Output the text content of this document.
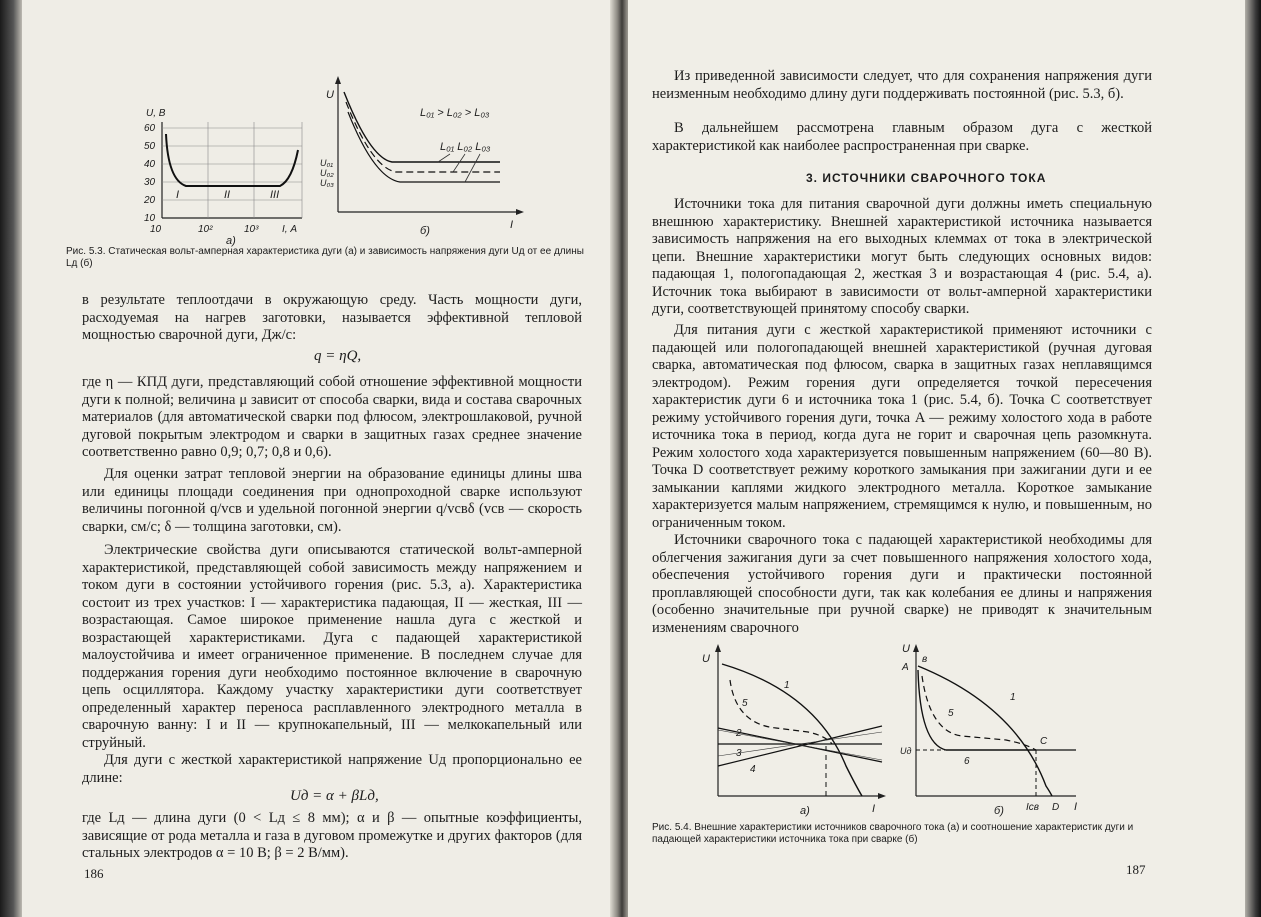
U, В
60
50
40
30
20
10
10	10²	10³ I, А
I	II	III
а)
U
L₀₁ > L₀₂ > L₀₃
L₀₁ L₀₂ L₀₃
U₀₁
U₀₂
U₀₃
I
б)

Рис. 5.3. Статическая вольт-амперная характеристика дуги (а) и зависимость напряжения дуги Uд от ее длины Lд (б)

в результате теплоотдачи в окружающую среду. Часть мощности дуги, расходуемая на нагрев заготовки, называется эффективной тепловой мощностью сварочной дуги, Дж/с:

q = ηQ,

где η — КПД дуги, представляющий собой отношение эффективной мощности дуги к полной; величина μ зависит от способа сварки, вида и состава сварочных материалов (для автоматической сварки под флюсом, электрошлаковой, ручной дуговой покрытым электродом и сварки в защитных газах среднее значение соответственно равно 0,9; 0,7; 0,8 и 0,6).

Для оценки затрат тепловой энергии на образование единицы длины шва или единицы площади соединения при однопроходной сварке используют величины погонной q/vсв и удельной погонной энергии q/vсвδ (vсв — скорость сварки, см/с; δ — толщина заготовки, см).

Электрические свойства дуги описываются статической вольт-амперной характеристикой, представляющей собой зависимость между напряжением и током дуги в состоянии устойчивого горения (рис. 5.3, а). Характеристика состоит из трех участков: I — характеристика падающая, II — жесткая, III — возрастающая. Самое широкое применение нашла дуга с жесткой и возрастающей характеристиками. Дуга с падающей характеристикой малоустойчива и имеет ограниченное применение. В последнем случае для поддержания горения дуги необходимо постоянное включение в сварочную цепь осциллятора. Каждому участку характеристики дуги соответствует определенный характер переноса расплавленного электродного металла в сварочную ванну: I и II — крупнокапельный, III — мелкокапельный или струйный.

Для дуги с жесткой характеристикой напряжение Uд пропорционально ее длине:

Uд = α + βLд,

где Lд — длина дуги (0 < Lд ≤ 8 мм); α и β — опытные коэффициенты, зависящие от рода металла и газа в дуговом промежутке и других факторов (для стальных электродов α = 10 В; β = 2 В/мм).

186

Из приведенной зависимости следует, что для сохранения напряжения дуги неизменным необходимо длину дуги поддерживать постоянной (рис. 5.3, б).

В дальнейшем рассмотрена главным образом дуга с жесткой характеристикой как наиболее распространенная при сварке.

3. ИСТОЧНИКИ СВАРОЧНОГО ТОКА

Источники тока для питания сварочной дуги должны иметь специальную внешнюю характеристику. Внешней характеристикой источника называется зависимость напряжения на его выходных клеммах от тока в электрической цепи. Внешние характеристики могут быть следующих основных видов: падающая 1, пологопадающая 2, жесткая 3 и возрастающая 4 (рис. 5.4, а). Источник тока выбирают в зависимости от вольт-амперной характеристики дуги, соответствующей принятому способу сварки.

Для питания дуги с жесткой характеристикой применяют источники с падающей или пологопадающей внешней характеристикой (ручная дуговая сварка, автоматическая под флюсом, сварка в защитных газах неплавящимся электродом). Режим горения дуги определяется точкой пересечения характеристик дуги 6 и источника тока 1 (рис. 5.4, б). Точка C соответствует режиму устойчивого горения дуги, точка A — режиму холостого хода в работе источника тока в период, когда дуга не горит и сварочная цепь разомкнута. Режим холостого хода характеризуется повышенным напряжением (60—80 В). Точка D соответствует режиму короткого замыкания при зажигании дуги и ее замыкании каплями жидкого электродного металла. Короткое замыкание характеризуется малым напряжением, стремящимся к нулю, и повышенным, но ограниченным током.

Источники сварочного тока с падающей характеристикой необходимы для облегчения зажигания дуги за счет повышенного напряжения холостого хода, обеспечения устойчивого горения дуги и практически постоянной проплавляющей способности дуги, так как колебания ее длины и напряжения (особенно значительные при ручной сварке) не приводят к значительным изменениям сварочного

U
1
5
2
3
4
I
а)
U
A
в
1
5
6
C
Uд
Iсв D I
б)

Рис. 5.4. Внешние характеристики источников сварочного тока (а) и соотношение характеристик дуги и падающей характеристики источника тока при сварке (б)

187
